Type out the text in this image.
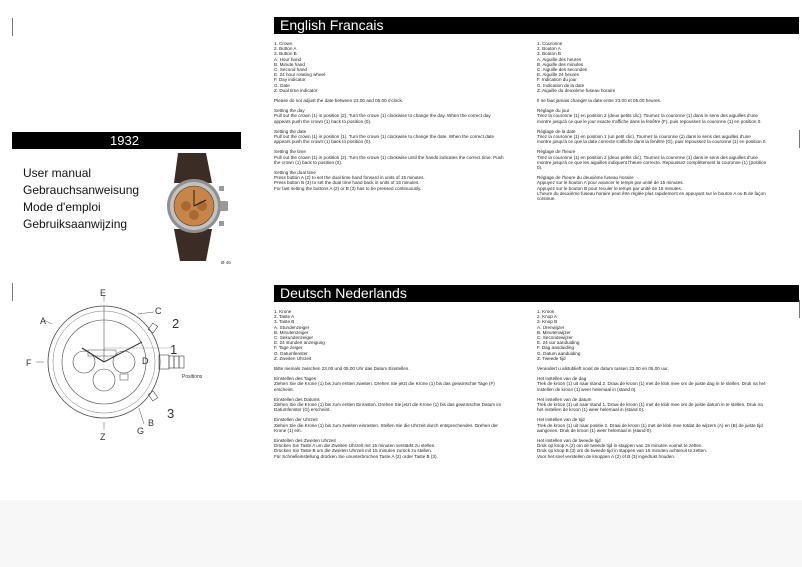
1932
User manual
Gebrauchsanweisung
Mode d'emploi
Gebruiksaanwijzing
Ø 46
E
A
C
2
F
1
D
G
3
B
Z
Positions
English Francais
Deutsch Nederlands
1. Crown
2. Button A
3. Button B
A. Hour hand
B. Minute hand
C. Second hand
E. 24 hour rotating wheel
F. Day indicator
G. Date
Z. Dual time indicator
Please do not adjust the date between 23.00 and 05.00 o'clock.
Setting the day
Pull out the crown (1) in position (2). Turn the crown (1) clockwise to change the day. When the correct day
appears push the crown (1) back to position (0).
Setting the date
Pull out the crown (1) in position (1). Turn the crown (1) clockwise to change the date. When the correct date
appears push the crown (1) back to position (0).
Setting the time
Pull out the crown (1) in position (2). Turn the crown (1) clockwise until the hands indicates the correct time. Push
the crown (1) back to position (0).
Setting the dual time
Press button A (2) to set the dual time hand forward in units of 15 minutes.
Press button B (3) to set the dual time hand back in units of 15 minutes.
For fast setting the buttons A (2) or B (3) has to be pressed continuously.
1. Couronne
2. Bouton A
3. Bouton B
A. Aiguille des heures
B. Aiguille des minutes
C. Aiguille des secondes
E. Aiguille 24 heures
F. Indication du jour
G. Indication de la date
Z. Aiguille du deuxième fuseau horaire
Il ne faut jamais changer la date entre 23.00 et 05.00 heures.
Réglage du jour
Tirez la couronne (1) en position 2 (deux petits clic). Tournez la couronne (1) dans le sens des aiguilles d'une
montre jusqu'à ce que le jour exacte s'affiche dans la fenêtre (F), puis repoussez la couronne (1) en position 0.
Réglage de la date
Tirez la couronne (1) en position 1 (un petit clic). Tournez la couronne (1) dans le sens des aiguilles d'une
montre jusqu'à ce que la date correcte s'affiche dans la fenêtre (G), puis repoussez la couronne (1) en position 0.
Réglage de l'heure
Tirez la couronne (1) en position 2 (deux petits clic). Tournez la couronne (1) dans le sens des aiguilles d'une
montre jusqu'à ce que les aiguilles indiquent l'heure correcte. Repoussez complètement la couronne (1) (position
0).
Réglage de l'heure du deuxième fuseau horaire
Appuyez sur le bouton A pour avancer le temps par unité de 15 minutes.
Appuyez sur le bouton B pour reculer le temps par unité de 15 minutes.
L'heure du deuxième fuseau horaire peut être réglée plus rapidement en appuyant sur le bouton A ou B de façon
continue.
1. Krone
2. Taste A
3. Taste B
A. Stundenzeiger
B. Minutenzeiger
C. Sekundenzeiger
E. 24 stunden anzeigung
F. Tage zeiger
G. Datumfenster
Z. Zweiten Uhrzeit
Bitte niemals zwischen 23.00 und 05.00 Uhr das Datum Einstellen.
Einstellen des Tages
Ziehen Sie die Krone (1) bis zum ersten zweiten. Drehen Sie jetzt die Krone (1) bis das gewünschte Tage (F)
erscheint.
Einstellen des Datums
Ziehen Sie die Krone (1) bis zum ersten Einrasten. Drehen Sie jetzt die Krone (1) bis das gewünschte Datum im
Datumfenster (G) erscheint.
Einstellen der Uhrzeit
Ziehen Sie die Krone (1) bis zum zweiten einrasten. Stellen Sie die Uhrzeit durch entsprechendes. Drehen der
Krone (1) ein.
Einstellen des Zweiten Uhrzeit
Drücken Sie Taste A um die Zweiten Uhrzeit mit 15 minuten verstärkt zu stellen.
Drücken Sie Taste B um die Zweiten Uhrzeit mit 15 minuten zurück zu stellen.
Für Schnelleinstellung drücken Sie ununterbrochen Taste A (2) order Taste B (3).
1. Kroon
2. Knop A
3. Knop B
A. Urenwijzer
B. Minutenwijzer
C. Secondewijzer
E. 24 uur aanduiding
F. Dag aanduiding
G. Datum aanduiding
Z. Tweede tijd
Verandert u alstublieft nooit de datum tussen 23.00 en 05.00 uur.
Het instellen van de dag
Trek de kroon (1) uit naar stand 2. Draai de kroon (1) met de klok mee om de juiste dag in te stellen. Druk na het
instellen de kroon (1) weer helemaal in (stand 0).
Het instellen van de datum
Trek de kroon (1) uit naar stand 1. Draai de kroon (1) met de klok mee om de juiste datum in te stellen. Druk na
het instellen de kroon (1) weer helemaal in (stand 0).
Het instellen van de tijd
Trek de kroon (1) uit naar positie 2. Draai de kroon (1) met de klok mee totdat de wijzers (A) en (B) de juiste tijd
aangeven. Druk de kroon (1) weer helemaal in (stand 0).
Het instellen van de tweede tijd
Druk op knop A (2) om de tweede tijd in stappen van 15 minuten vooruit te zetten.
Druk op knop B (3) om de tweede tijd in stappen van 15 minuten achteruit te zetten.
Voor het snel verstellen de knoppen A (2) of B (3) ingedrukt houden.
